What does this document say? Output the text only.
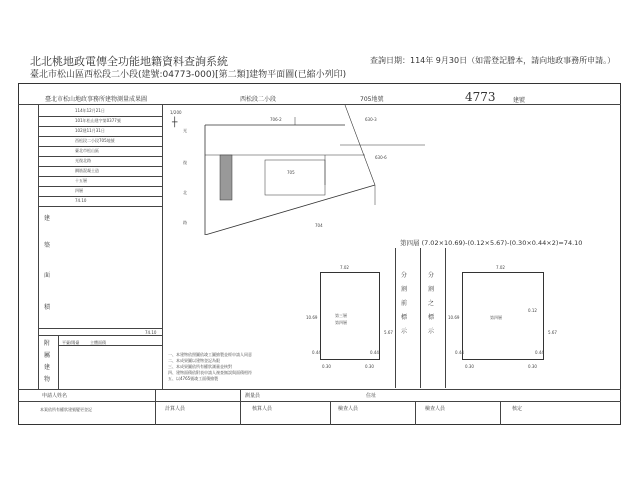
北北桃地政電傳全功能地籍資料查詢系統
臺北市松山區西松段二小段(建號:04773-000)[第二類]建物平面圖(已縮小列印)
查詢日期：114年 9月30日（如需登記謄本，請向地政事務所申請。）
臺北市松山地政事務所建物測量成果圖	西松段二小段	705地號	4773	建號
1/200
114年12月21日
101年松山建字第0377號
102建11月31日
西松段二小段705地號
臺北市松山區
光復北路
鋼筋混凝土造
十五層
四層
74.10
建
築
面
積
74.10
附
屬
建
物
平臺/陽臺	主體面積
一、本建物依照圖依竣工圖繪製並經申請人同意
二、本成果圖以建物登記為限
三、本成果圖依所有權狀測量並核對
四、建物面積依附表申請人複查無誤與面積相符
五、以4765號竣工面積繪製
706-2	630-3
630-6
705
704
光
復
北
路
┼
第四層 (7.02×10.69)-(0.12×5.67)-(0.30×0.44×2)=74.10
分
割
前
標
示
分
割
之
標
示
7.02
10.69
5.67
第三層
第四層
0.44	0.44
0.30	0.30
7.02
10.69
5.67
0.12
第四層
0.44	0.44
0.30	0.30
申請人姓名	測量員	住址
本案依所有權狀建號變更登記	計算人員	核算人員	檢查人員	檢查人員	核定
